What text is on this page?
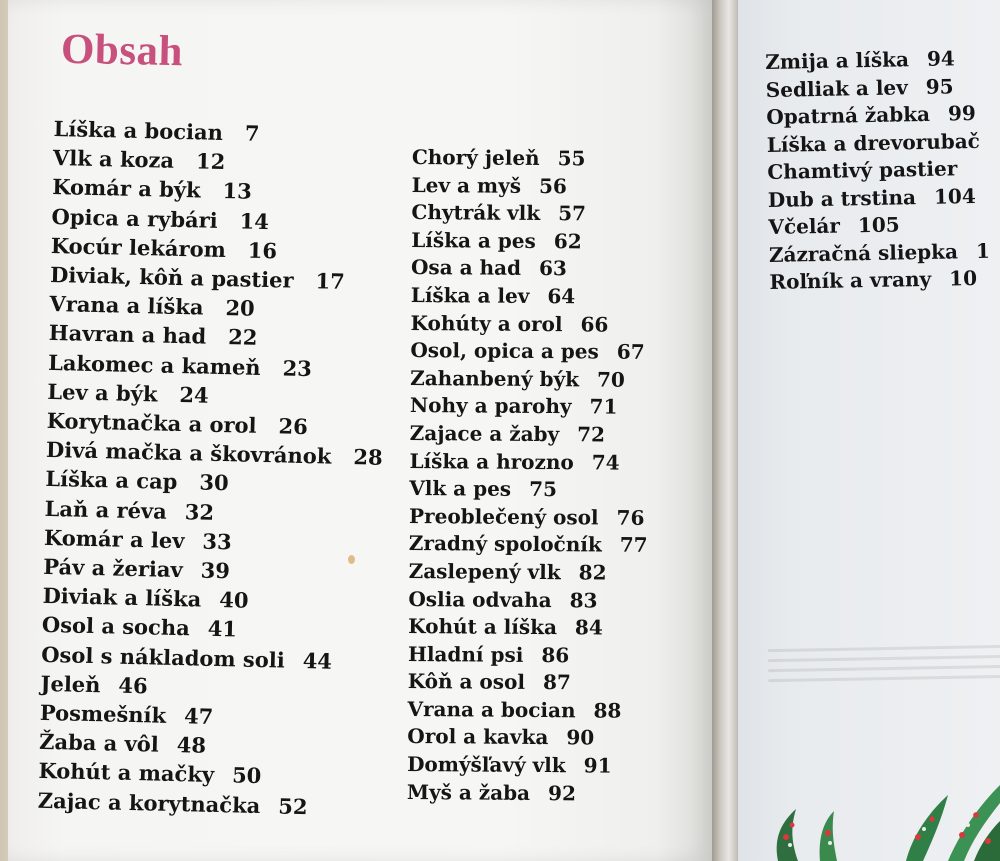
Obsah
Líška a bocian 7
Vlk a koza 12
Komár a býk 13
Opica a rybári 14
Kocúr lekárom 16
Diviak, kôň a pastier 17
Vrana a líška 20
Havran a had 22
Lakomec a kameň 23
Lev a býk 24
Korytnačka a orol 26
Divá mačka a škovránok 28
Líška a cap 30
Laň a réva 32
Komár a lev 33
Páv a žeriav 39
Diviak a líška 40
Osol a socha 41
Osol s nákladom soli 44
Jeleň 46
Posmešník 47
Žaba a vôl 48
Kohút a mačky 50
Zajac a korytnačka 52
Chorý jeleň 55
Lev a myš 56
Chytrák vlk 57
Líška a pes 62
Osa a had 63
Líška a lev 64
Kohúty a orol 66
Osol, opica a pes 67
Zahanbený býk 70
Nohy a parohy 71
Zajace a žaby 72
Líška a hrozno 74
Vlk a pes 75
Preoblečený osol 76
Zradný spoločník 77
Zaslepený vlk 82
Oslia odvaha 83
Kohút a líška 84
Hladní psi 86
Kôň a osol 87
Vrana a bocian 88
Orol a kavka 90
Domýšľavý vlk 91
Myš a žaba 92
Zmija a líška 94
Sedliak a lev 95
Opatrná žabka 99
Líška a drevorubač
Chamtivý pastier
Dub a trstina 104
Včelár 105
Zázračná sliepka 1
Roľník a vrany 10
